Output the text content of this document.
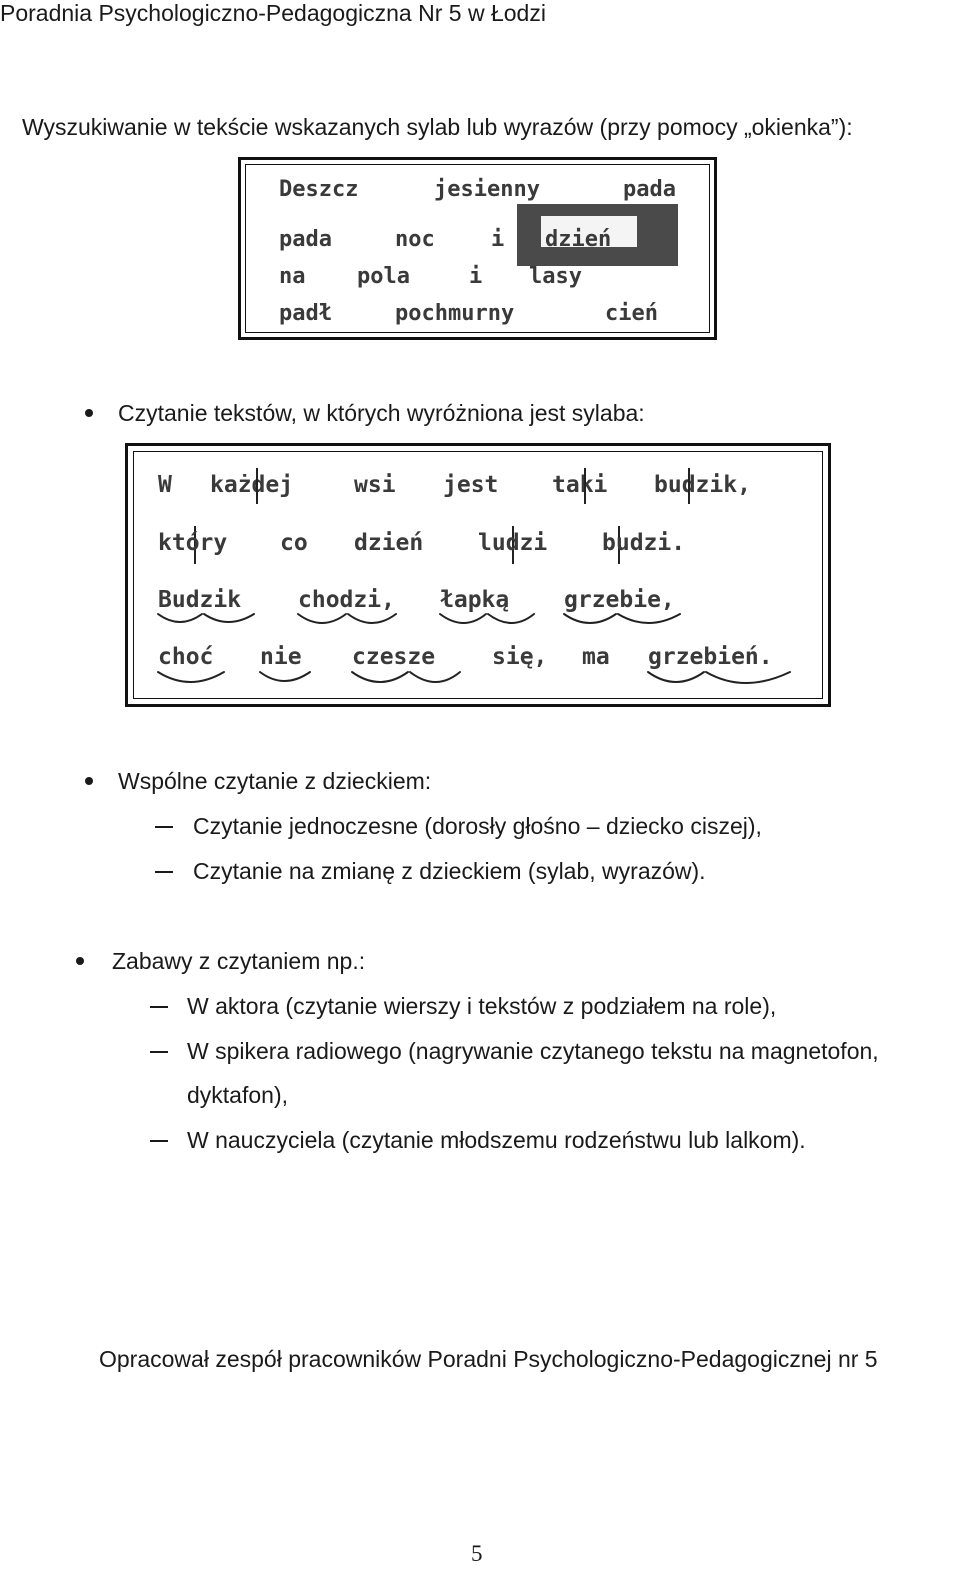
Poradnia Psychologiczno-Pedagogiczna Nr 5 w Łodzi
Wyszukiwanie w tekście wskazanych sylab lub wyrazów (przy pomocy „okienka”):
Deszcz	jesienny	pada
pada	noc	i dzień
na pola	i lasy
padł	pochmurny	cień
Czytanie tekstów, w których wyróżniona jest sylaba:
W każdej	wsi jest taki budzik,
który co dzień ludzi budzi.
Budzik chodzi, łapką grzebie,
choć nie czesze się, ma grzebień.
Wspólne czytanie z dzieckiem:
Czytanie jednoczesne (dorosły głośno – dziecko ciszej),
Czytanie na zmianę z dzieckiem (sylab, wyrazów).
Zabawy z czytaniem np.:
W aktora (czytanie wierszy i tekstów z podziałem na role),
W spikera radiowego (nagrywanie czytanego tekstu na magnetofon,
dyktafon),
W nauczyciela (czytanie młodszemu rodzeństwu lub lalkom).
Opracował zespół pracowników Poradni Psychologiczno-Pedagogicznej nr 5
5
